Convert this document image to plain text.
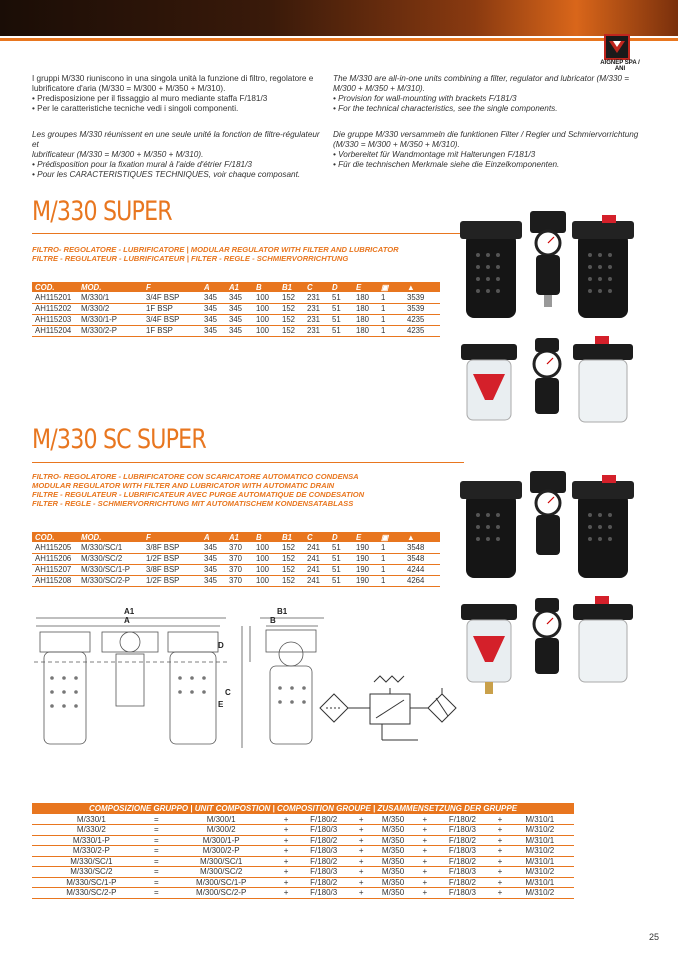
AIGNEP SPA / ANI

I gruppi M/330 riuniscono in una singola unità la funzione di filtro, regolatore e

lubrificatore d'aria (M/330 = M/300 + M/350 + M/310).

• Predisposizione per il fissaggio al muro mediante staffa F/181/3

• Per le caratteristiche tecniche vedi i singoli componenti.

Les groupes M/330 réunissent en une seule unité la fonction de filtre-régulateur et

lubrificateur (M/330 = M/300 + M/350 + M/310).

• Prédisposition pour la fixation mural à l'aide d'étrier F/181/3

• Pour les CARACTERISTIQUES TECHNIQUES, voir chaque composant.

The M/330 are all-in-one units combining a filter, regulator and lubricator (M/330 =

M/300 + M/350 + M/310).

• Provision for wall-mounting with brackets F/181/3

• For the technical characteristics, see the single components.

Die gruppe M/330 versammeln die funktionen Filter / Regler und Schmiervorrichtung

(M/330 = M/300 + M/350 + M/310).

• Vorbereitet für Wandmontage mit Halterungen F/181/3

• Für die technischen Merkmale siehe die Einzelkomponenten.

M/330 SUPER
FILTRO- REGOLATORE - LUBRIFICATORE | MODULAR REGULATOR WITH FILTER AND LUBRICATOR
FILTRE - REGULATEUR - LUBRIFICATEUR | FILTER - REGLE - SCHMIERVORRICHTUNG
COD.	MOD.	F	A	A1	B	B1	C	D	E	▣	▲
AH115201	M/330/1	3/4F BSP	345	345	100	152	231	51	180	1	3539
AH115202	M/330/2	1F BSP	345	345	100	152	231	51	180	1	3539
AH115203	M/330/1-P	3/4F BSP	345	345	100	152	231	51	180	1	4235
AH115204	M/330/2-P	1F BSP	345	345	100	152	231	51	180	1	4235
M/330 SC SUPER
FILTRO- REGOLATORE - LUBRIFICATORE CON SCARICATORE AUTOMATICO CONDENSA
MODULAR REGULATOR WITH FILTER AND LUBRICATOR WITH AUTOMATIC DRAIN
FILTRE - REGULATEUR - LUBRIFICATEUR AVEC PURGE AUTOMATIQUE DE CONDESATION
FILTER - REGLE - SCHMIERVORRICHTUNG MIT AUTOMATISCHEM KONDENSATABLASS
COD.	MOD.	F	A	A1	B	B1	C	D	E	▣	▲
AH115205	M/330/SC/1	3/8F BSP	345	370	100	152	241	51	190	1	3548
AH115206	M/330/SC/2	1/2F BSP	345	370	100	152	241	51	190	1	3548
AH115207	M/330/SC/1-P	3/8F BSP	345	370	100	152	241	51	190	1	4244
AH115208	M/330/SC/2-P	1/2F BSP	345	370	100	152	241	51	190	1	4264
A1
A
B1
B
D
C
E
COMPOSIZIONE GRUPPO | UNIT COMPOSTION | COMPOSITION GROUPE | ZUSAMMENSETZUNG DER GRUPPE										
M/330/1	=	M/300/1	+	F/180/2	+	M/350	+	F/180/2	+	M/310/1
M/330/2	=	M/300/2	+	F/180/3	+	M/350	+	F/180/3	+	M/310/2
M/330/1-P	=	M/300/1-P	+	F/180/2	+	M/350	+	F/180/2	+	M/310/1
M/330/2-P	=	M/300/2-P	+	F/180/3	+	M/350	+	F/180/3	+	M/310/2
M/330/SC/1	=	M/300/SC/1	+	F/180/2	+	M/350	+	F/180/2	+	M/310/1
M/330/SC/2	=	M/300/SC/2	+	F/180/3	+	M/350	+	F/180/3	+	M/310/2
M/330/SC/1-P	=	M/300/SC/1-P	+	F/180/2	+	M/350	+	F/180/2	+	M/310/1
M/330/SC/2-P	=	M/300/SC/2-P	+	F/180/3	+	M/350	+	F/180/3	+	M/310/2
25
